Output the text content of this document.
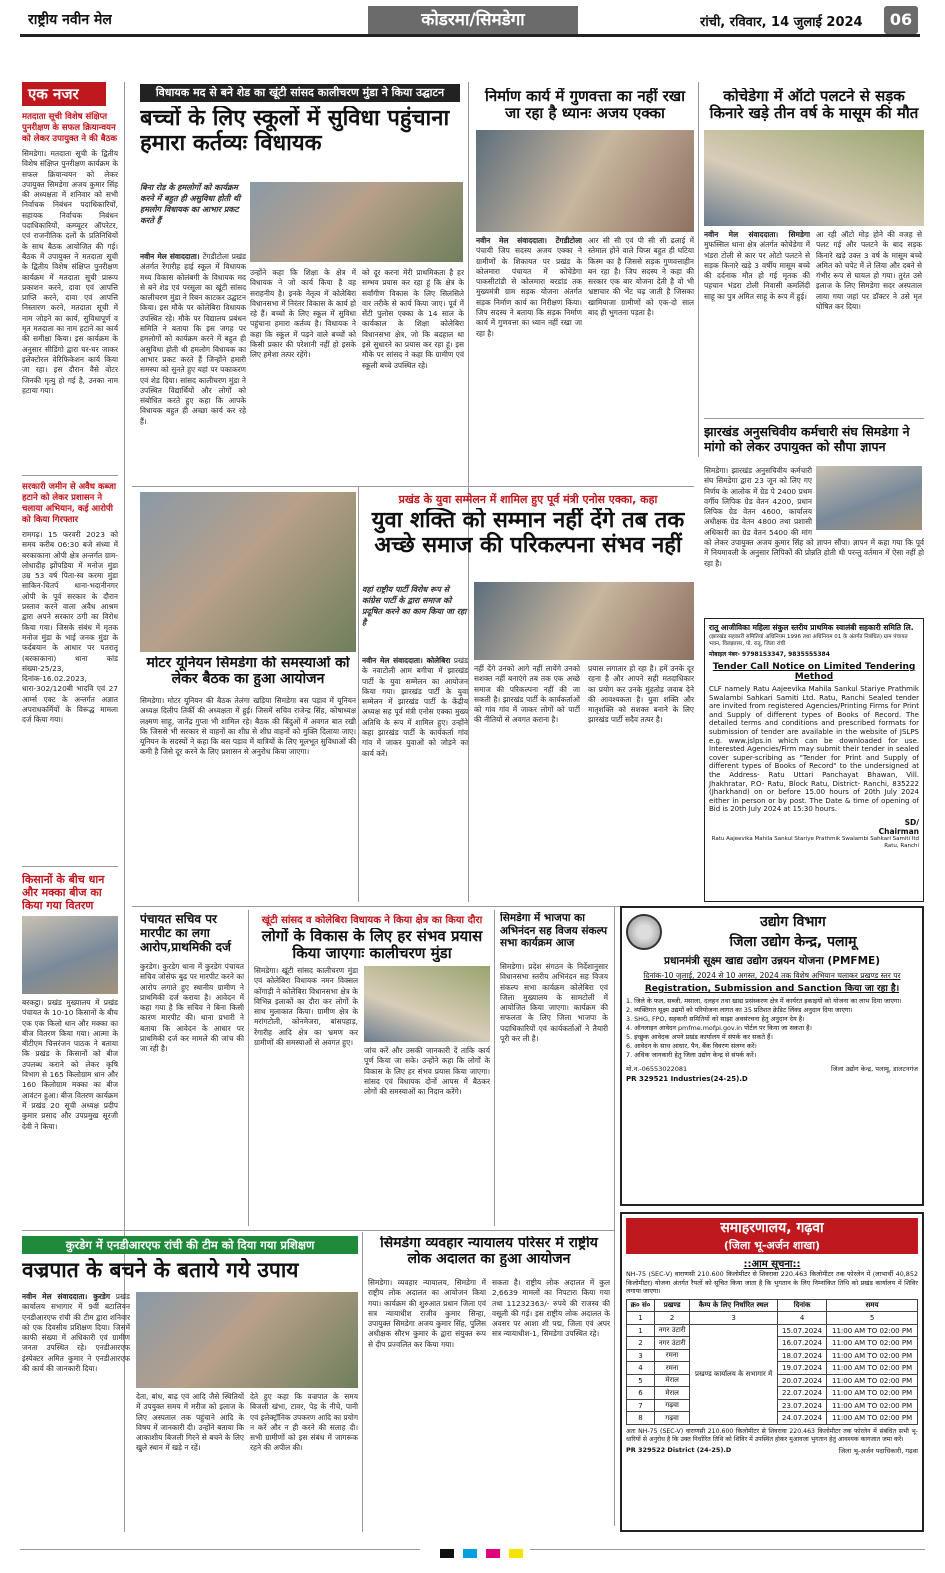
राष्ट्रीय नवीन मेल	कोडरमा/सिमडेगा	रांची, रविवार, 14 जुलाई 2024	06
एक नजर
मतदाता सूची विशेष संक्षिप्त पुनरीक्षण के सफल क्रियान्वयन को लेकर उपायुक्त ने की बैठक
सिमडेगा। मतदाता सूची के द्वितीय विशेष संक्षिप्त पुनरीक्षण कार्यक्रम के सफल क्रियान्वयन को लेकर उपायुक्त सिमडेगा अजय कुमार सिंह की अध्यक्षता में शनिवार को सभी निर्वाचक निबंधन पदाधिकारियों, सहायक निर्वाचक निबंधन पदाधिकारियों, कम्प्यूटर ऑपरेटर, एवं राजनीतिक दलों के प्रतिनिधियों के साथ बैठक आयोजित की गई। बैठक में उपायुक्त ने मतदाता सूची के द्वितीय विशेष संक्षिप्त पुनरीक्षण कार्यक्रम में मतदाता सूची प्रारूप प्रकाशन करने, दावा एवं आपत्ति प्राप्ति करने, दावा एवं आपत्ति निस्तारण करने, मतदाता सूची में नाम जोड़ने का कार्य, सुविधापूर्ण व मृत मतदाता का नाम हटाने का कार्य की समीक्षा किया। इस कार्यक्रम के अनुसार सीडिंगो द्वारा घर-घर जाकर इलेक्टोरल वेरिफिकेशन कार्य किया जा रहा। इस दौरान वैसे वोटर जिनकी मृत्यु हो गई है, उनका नाम हटाया गया।
सरकारी जमीन से अवैध कब्जा हटाने को लेकर प्रशासन ने चलाया अभियान, कई आरोपी को किया गिरफ्तार
रामगढ़। 15 फरवरी 2023 को समय करीब 06:30 बजे संध्या में बरकाकाना ओपी क्षेत्र अन्तर्गत ग्राम-लोधादीह झोंपडिया में मनोज मुंडा उम्र 53 वर्ष पिता-स्व करमा मुंडा साकिन-चितर्प धाना-भदानीनगर ओपी के पूर्व सरकार के दौरान प्रस्ताव करने वाला अवैध आश्रम द्वारा अपने सरकार ठगी का विरोध किया गया। जिसके संबंध में मृतक मनोज मुंडा के भाई जनक मुंडा के फर्दबयान के आधार पर पतरातू (बरकाकाना) थाना कांड संख्या-25/23, दिनांक-16.02.2023, धारा-302/120बी भादवि एवं 27 आर्म्स एक्ट के अन्तर्गत अज्ञात अपराधकर्मियों के विरूद्ध मामला दर्ज किया गया।
किसानों के बीच धान और मक्का बीज का किया गया वितरण
बरकट्ठा। प्रखंड मुख्यालय में प्रखंड पंचायत के 10-10 किसानों के बीच एक एक किलो धान और मक्का का बीज वितरण किया गया। आत्मा के बीटीएम चित्तरंजन पाठक ने बताया कि प्रखंड के किसानों को बीज उपलब्ध कराने को लेकर कृषि विभाग से 165 किलोग्राम धान और 160 किलोग्राम मक्का का बीज आवंटन हुआ। बीज वितरण कार्यक्रम में प्रखंड 20 सूची अध्यक्ष प्रदीप कुमार प्रसाद और उपप्रमुख सूरजी देवी ने किया।
विधायक मद से बने शेड का खूंटी सांसद कालीचरण मुंडा ने किया उद्घाटन
बच्चों के लिए स्कूलों में सुविधा पहुंचाना हमारा कर्तव्यः विधायक
बिना रोड के हमलोगों को कार्यक्रम करने में बहुत ही असुविधा होती थी हमलोग विधायक का आभार प्रकट करते हैं
नवीन मेल संवाददाता। टेंगडीटोला प्रखंड अंतर्गत रेंगारीह हाई स्कूल में विधायक मध्य विकास कोलंबगी के विधायक मद से बने शेड एवं परसूला का खूंटी सांसद कालीचरण मुंडा ने रिबन काटकर उद्घाटन किया। इस मौके पर कोलेबिरा विधायक उपस्थित रहे। मौके पर विद्यालय प्रबंधन समिति ने बताया कि इस जगह पर हमलोगों को कार्यक्रम करने में बहुत ही असुविधा होती थी हमलोग विधायक का आभार प्रकट करते हैं जिन्होंने हमारी समस्या को सुनते हुए यहां पर पकाकरण एवं शेड दिया। सांसद कालीचरण मुंडा ने उपस्थित विद्यार्थियों और लोगों को संबोधित करते हुए कहा कि आपके विधायक बहुत ही अच्छा कार्य कर रहे हैं।
उन्होंने कहा कि शिक्षा के क्षेत्र में विधायक ने जो कार्य किया है वह सराहनीय है। इनके नेतृत्व में कोलेबिरा विधानसभा में निरंतर विकास के कार्य हो रहे हैं। बच्चों के लिए स्कूल में सुविधा पहुंचाना हमारा कर्तव्य है। विधायक ने कहा कि स्कूल में पढ़ने वाले बच्चों को किसी प्रकार की परेशानी नहीं हो इसके लिए हमेशा तत्पर रहेंगे।
को दूर करना मेरी प्राथमिकता है हर सम्भव प्रयास कर रहा हूं कि क्षेत्र के सर्वांगीण विकास के लिए सिलसिले वार तरीके से कार्य किया जाए। पूर्व में सेंटी पुलोस एक्का के 14 साल के कार्यकाल के शिक्षा कोलेबिरा विधानसभा क्षेत्र, जो कि बदहाल था इसे सुधारने का प्रयास कर रहा हूं। इस मौके पर सांसद ने कहा कि ग्रामीण एवं स्कूली बच्चे उपस्थित रहे।
निर्माण कार्य में गुणवत्ता का नहीं रखा जा रहा है ध्यानः अजय एक्का
नवीन मेल संवाददाता। टेंगडीटोला पंचायी जिप सदस्य अजय एक्का ने ग्रामीणों के शिकायत पर प्रखंड के कोलमारा पंचायत में कोचेडेगा पाकसीटांडी से कोलमारा बरडांड तक मुख्यमंत्री ग्राम सड़क योजना अंतर्गत सड़क निर्माण कार्य का निरीक्षण किया। जिप सदस्य ने बताया कि सड़क निर्माण कार्य में गुणवत्ता का ध्यान नहीं रखा जा रहा है।
आर सी सी एवं पी सी सी ढलाई में स्तेमाल होने वाले चिप्स बहुत ही घटिया किस्म का है जिससे सड़क गुणवत्ताहीन बन रहा है। जिप सदस्य ने कहा की सरकार एक बार योजना देती है वो भी भ्रष्टाचार की भेंट चढ़ जाती है जिसका खामियाजा ग्रामीणों को एक-दो साल बाद ही भुगतना पड़ता है।
कोचेडेगा में ऑटो पलटने से सड़क किनारे खड़े तीन वर्ष के मासूम की मौत
नवीन मेल संवाददाता। सिमडेगा मुफस्सिल थाना क्षेत्र अंतर्गत कोचेडेगा में भंडरा टोली से कार पर ओटो पलटने से सड़क किनारे खड़े 3 वर्षीय मासूम बच्चे की दर्दनाक मौत हो गई मृतक की पहचान भंडरा टोली निवासी कमलिंदी साहू का पुत्र अमित साहू के रूप में हुई।
आ रही ऑटो मोड़ होने की वजह से पलट गई और पलटने के बाद सड़क किनारे खड़े उक्त 3 वर्ष के मासूम बच्चे अमित को चपेट में ले लिया और दबने से गंभीर रूप से घायल हो गया। तुरंत उसे इलाज के लिए सिमडेगा सदर अस्पताल लाया गया जहां पर डॉक्टर ने उसे मृत घोषित कर दिया।
झारखंड अनुसचिवीय कर्मचारी संघ सिमडेगा ने मांगो को लेकर उपायुक्त को सौपा ज्ञापन
सिमडेगा। झारखंड अनुसचिवीय कर्मचारी संघ सिमडेगा द्वारा 23 जून को लिए गए निर्णय के आलोक में ग्रेड पे 2400 प्रथम वर्गीय लिपिक ग्रेड वेतन 4200, प्रधान लिपिक ग्रेड वेतन 4600, कार्यालय अधीक्षक ग्रेड वेतन 4800 तथा प्रशासी अधिकारी का ग्रेड वेतन 5400 की मांग को लेकर उपायुक्त अजय कुमार सिंह को ज्ञापन सौंपा। ज्ञापन में कहा गया कि पूर्व में नियमावली के अनुसार लिपिकों की प्रोन्नति होती थी परन्तु वर्तमान में ऐसा नहीं हो रहा है।
प्रखंड के युवा सम्मेलन में शामिल हुए पूर्व मंत्री एनोस एक्का, कहा
युवा शक्ति को सम्मान नहीं देंगे तब तक अच्छे समाज की परिकल्पना संभव नहीं
वहां राष्ट्रीय पार्टी विरोध रूप से कांग्रेस पार्टी के द्वारा समाज को प्रदूषित करने का काम किया जा रहा है
नवीन मेल संवाददाता। कोलेबिरा प्रखंड के नवाटोली आम बगीचा में झारखंड पार्टी के युवा सम्मेलन का आयोजन किया गया। झारखंड पार्टी के युवा सम्मेलन में झारखंड पार्टी के केंद्रीय अध्यक्ष सह पूर्व मंत्री एनोस एक्का मुख्य अतिथि के रूप में शामिल हुए। उन्होंने कहा झारखंड पार्टी के कार्यकर्ता गांव गांव में जाकर युवाओं को जोड़ने का कार्य करें।
नहीं देंगे उनको आगे नहीं लायेंगे उनको सशक्त नहीं बनाएंगे तब तक एक अच्छे समाज की परिकल्पना नहीं की जा सकती है। झारखंड पार्टी के कार्यकर्ताओं को गांव गांव में जाकर लोगों को पार्टी की नीतियों से अवगत कराना है।
प्रयास लगातार हो रहा है। हमें उनके दूर रहना है और आपने सही मतदाधिकार का प्रयोग कर उनके मुंहतोड़ जवाब देने की आवश्यकता है। युवा शक्ति और मातृशक्ति को सशक्त बनाने के लिए झारखंड पार्टी सदैव तत्पर है।
मोटर यूनियन सिमडेगा की समस्याओं को लेकर बैठक का हुआ आयोजन
सिमडेगा। मोटर यूनियन की बैठक तेलंगा खड़िया सिमडेगा बस पड़ाव में यूनियन अध्यक्ष दिलीप तिर्की की अध्यक्षता में हुई। जिसमें सचिव राजेन्द्र सिंह, कोषाध्यक्ष लक्ष्मण साहू, जानेंद्र गुप्ता भी शामिल रहे। बैठक की बिंदुओं में अवगत बात रखी कि जिससे भी सरकार से वाहनों का शीघ्र से शीघ्र वाहनों को मुक्ति दिलाया जाए। यूनियन के सदस्यों ने कहा कि बस पड़ाव में यात्रियों के लिए मूलभूत सुविधाओं की कमी है जिसे दूर करने के लिए प्रशासन से अनुरोध किया जाएगा।
रातू आजीविका महिला संकुल स्तरीय प्राथमिक स्वालंबी सहकारी समिति लि.
(झारखंड सहकारी समितियां अधिनियम 1996 तथा अधिनियम 01 के अंतर्गत निबंधित) ग्राम पंचायत भवन, विलझात्तर, पो. रातू, जिला रांची
मोबाइल नंबर- 9798153347, 9835555384
Tender Call Notice on Limited Tendering Method
CLF namely Ratu Aajeevika Mahila Sankul Stariye Prathmik Swalambi Sahkari Samiti Ltd. Ratu, Ranchi Sealed tender are invited from registered Agencies/Printing Firms for Print and Supply of different types of Books of Record. The detailed terms and conditions and prescribed formats for submission of tender are available in the website of JSLPS e.g. www.jslps.in which can be downloaded for use. Interested Agencies/Firm may submit their tender in sealed cover super-scribing as "Tender for Print and Supply of different types of Books of Record" to the undersigned at the Address- Ratu Uttari Panchayat Bhawan, Vill. Jhakhratar, P.O- Ratu, Block Ratu, District- Ranchi, 835222 (Jharkhand) on or before 15.00 hours of 20th July 2024 either in person or by post. The Date & time of opening of Bid is 20th July 2024 at 15:30 hours.
SD/
Chairman
Ratu Aajeevika Mahila Sankul Stariye Prathmik Swalambi Sahkari Samiti ltd Ratu, Ranchi
पंचायत सचिव पर मारपीट का लगा आरोप,प्राथमिकी दर्ज
कुरडेग। कुरडेग थाना में कुरडेग पंचायत सचिव जोसेफ बुढ़ पर मारपीट करने का आरोप लगाते हुए स्थानीय ग्रामीण ने प्राथमिकी दर्ज कराया है। आवेदन में कहा गया है कि सचिव ने बिना किसी कारण मारपीट की। थाना प्रभारी ने बताया कि आवेदन के आधार पर प्राथमिकी दर्ज कर मामले की जांच की जा रही है।
खूंटी सांसद व कोलेबिरा विधायक ने किया क्षेत्र का किया दौरा
लोगों के विकास के लिए हर संभव प्रयास किया जाएगाः कालीचरण मुंडा
सिमडेगा। खूंटी सांसद कालीचरण मुंडा एवं कोलेबिरा विधायक नमन विक्सल कोंगाड़ी ने कोलेबिरा विधानसभा क्षेत्र के विभिन्न इलाकों का दौरा कर लोगों के साथ मुलाकात किया। ग्रामीण क्षेत्र के मरांगटोली, कोनमेजरा, बांसपहाड़, रेंगारीह आदि क्षेत्र का भ्रमण कर ग्रामीणों की समस्याओं से अवगत हुए।
जांच करें और उसकी जानकारी दें ताकि कार्य पूर्ण किया जा सके। उन्होंने कहा कि लोगों के विकास के लिए हर संभव प्रयास किया जाएगा। सांसद एवं विधायक दोनों आपस में बैठकर लोगों की समस्याओं का निदान करेंगे।
सिमडेगा में भाजपा का अभिनंदन सह विजय संकल्प सभा कार्यक्रम आज
सिमडेगा। प्रदेश संगठन के निर्देशानुसार विधानसभा स्तरीय अभिनंदन सह विजय संकल्प सभा कार्यक्रम कोलेबिरा एवं जिला मुख्यालय के सामटोली में आयोजित किया जाएगा। कार्यक्रम की सफलता के लिए जिला भाजपा के पदाधिकारियों एवं कार्यकर्ताओं ने तैयारी पूरी कर ली है।
उद्योग विभाग
जिला उद्योग केन्द्र, पलामू
प्रधानमंत्री सूक्ष्म खाद्य उद्योग उन्नयन योजना (PMFME)
दिनांक-10 जुलाई, 2024 से 10 अगस्त, 2024 तक विशेष अभियान चलाकर प्रखण्ड स्तर पर
Registration, Submission and Sanction किया जा रहा है।
1. जिले के फल, सब्जी, मसाला, दलहन तथा खाद्य प्रसंस्करण क्षेत्र में कार्यरत इकाइयों को योजना का लाभ दिया जाएगा।
2. व्यक्तिगत सूक्ष्म उद्यमों को परियोजना लागत का 35 प्रतिशत क्रेडिट लिंक्ड अनुदान दिया जाएगा।
3. SHG, FPO, सहकारी समितियों को साझा अवसंरचना हेतु अनुदान देय है।
4. ऑनलाइन आवेदन pmfme.mofpi.gov.in पोर्टल पर किया जा सकता है।
5. इच्छुक आवेदक अपने प्रखंड कार्यालय में संपर्क कर सकते हैं।
6. आवेदन के साथ आधार, पैन, बैंक विवरण संलग्न करें।
7. अधिक जानकारी हेतु जिला उद्योग केन्द्र से संपर्क करें।
मो.न.-06553022081	जिला उद्योग केन्द्र, पलामू, डालटनगंज
PR 329521 Industries(24-25).D
कुरडेग में एनडीआरएफ रांची की टीम को दिया गया प्रशिक्षण
वज्रपात के बचने के बताये गये उपाय
नवीन मेल संवाददाता। कुरडेग प्रखंड कार्यालय सभागार में 9वीं बटालियन एनडीआरएफ रांची की टीम द्वारा शनिवार को एक दिवसीय प्रशिक्षण दिया। जिसमें काफी संख्या में अधिकारी एवं ग्रामीण जनता उपस्थित रहे। एनडीआरएफ इंस्पेक्टर अमित कुमार ने एनडीआरएफ की कार्य की जानकारी दिया।
देता, बांध, बाढ़ एवं आदि जैसे स्थितियों में उपयुक्त समय में मरीज को इलाज के लिए अस्पताल तक पहुंचाने आदि के विषय में जानकारी दी। उन्होंने बताया कि आकाशीय बिजली गिरने से बचने के लिए खुले स्थान में खड़े न रहें।
देते हुए कहा कि वज्रपात के समय बिजली खंभा, टावर, पेड़ के नीचे, पानी एवं इलेक्ट्रॉनिक उपकरण आदि का प्रयोग न करें और न ही करने की सलाह दी। सभी ग्रामीणों को इस संबंध में जागरूक रहने की अपील की।
सिमडेगा व्यवहार न्यायालय परिसर में राष्ट्रीय लोक अदालत का हुआ आयोजन
सिमडेगा। व्यवहार न्यायालय, सिमडेगा में राष्ट्रीय लोक अदालत का आयोजन किया गया। कार्यक्रम की शुरुआत प्रधान जिला एवं सत्र न्यायाधीश राजीव कुमार सिन्हा, उपायुक्त सिमडेगा अजय कुमार सिंह, पुलिस अधीक्षक सौरभ कुमार के द्वारा संयुक्त रूप से दीप प्रज्वलित कर किया गया।
सकता है। राष्ट्रीय लोक अदालत में कुल 2,6639 मामलों का निपटारा किया गया तथा 11232363/- रुपये की राजस्व की वसूली की गई। इस राष्ट्रीय लोक अदालत के अवसर पर आशा शी पद्म, जिला एवं अपर सत्र न्यायाधीश-1, सिमडेगा उपस्थित रहे।
समाहरणालय, गढ़वा
(जिला भू-अर्जन शाखा)
::आम सूचना::
NH-75 (SEC-V) वाराणसी 210.600 किलोमीटर से शिवरावा 220.463 किलोमीटर तक फोरलेन में (लाभार्थी 40,852 किलोमीटर) योजना अंतर्गत रैयतों को सूचित किया जाता है कि भुगतान के लिए निम्नांकित तिथि को प्रखंड कार्यालय में शिविर लगाया जाएगा।
क्र० सं०	प्रखण्ड	कैम्प के लिए निर्धारित स्थल	दिनांक	समय
1	2	3	4	5
1	नगर उंटारी	प्रखण्ड कार्यालय के सभागार में	15.07.2024	11:00 AM TO 02:00 PM
2	नगर उंटारी		16.07.2024	11:00 AM TO 02:00 PM
3	रमना		18.07.2024	11:00 AM TO 02:00 PM
4	रमना		19.07.2024	11:00 AM TO 02:00 PM
5	मेराल		20.07.2024	11:00 AM TO 02:00 PM
6	मेराल		22.07.2024	11:00 AM TO 02:00 PM
7	गढ़वा		23.07.2024	11:00 AM TO 02:00 PM
8	गढ़वा		24.07.2024	11:00 AM TO 02:00 PM
अतः NH-75 (SEC-V) वाराणसी 210.600 किलोमीटर से शिवरावा 220.463 किलोमीटर तक फोरलेन में संबंधित सभी भू-धारियों से अनुरोध है कि उक्त निर्धारित तिथि को शिविर में उपस्थित होकर मुआवजा भुगतान हेतु आवश्यक कागजात जमा करें।
PR 329522 District (24-25).D	जिला भू-अर्जन पदाधिकारी, गढ़वा
